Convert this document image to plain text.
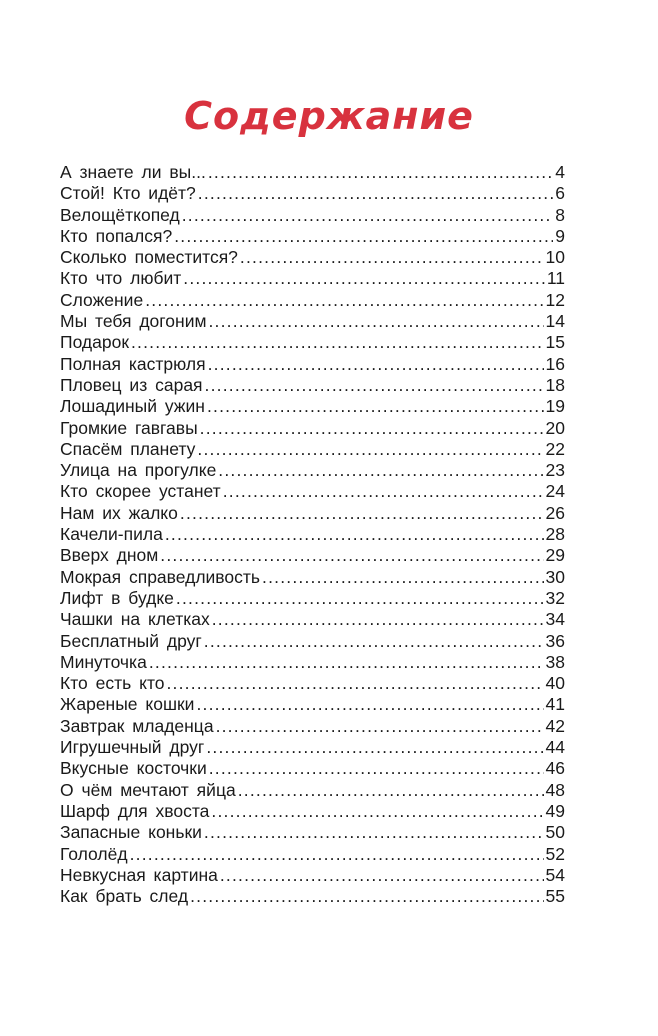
Содержание
А знаете ли вы... .....	4
Стой! Кто идёт? .....	6
Велощёткопед .....	8
Кто попался? .....	9
Сколько поместится? .....	10
Кто что любит .....	11
Сложение .....	12
Мы тебя догоним .....	14
Подарок .....	15
Полная кастрюля .....	16
Пловец из сарая .....	18
Лошадиный ужин .....	19
Громкие гавгавы .....	20
Спасём планету .....	22
Улица на прогулке .....	23
Кто скорее устанет .....	24
Нам их жалко .....	26
Качели-пила .....	28
Вверх дном .....	29
Мокрая справедливость .....	30
Лифт в будке .....	32
Чашки на клетках .....	34
Бесплатный друг .....	36
Минуточка .....	38
Кто есть кто .....	40
Жареные кошки .....	41
Завтрак младенца .....	42
Игрушечный друг .....	44
Вкусные косточки .....	46
О чём мечтают яйца .....	48
Шарф для хвоста .....	49
Запасные коньки .....	50
Гололёд .....	52
Невкусная картина .....	54
Как брать след .....	55
